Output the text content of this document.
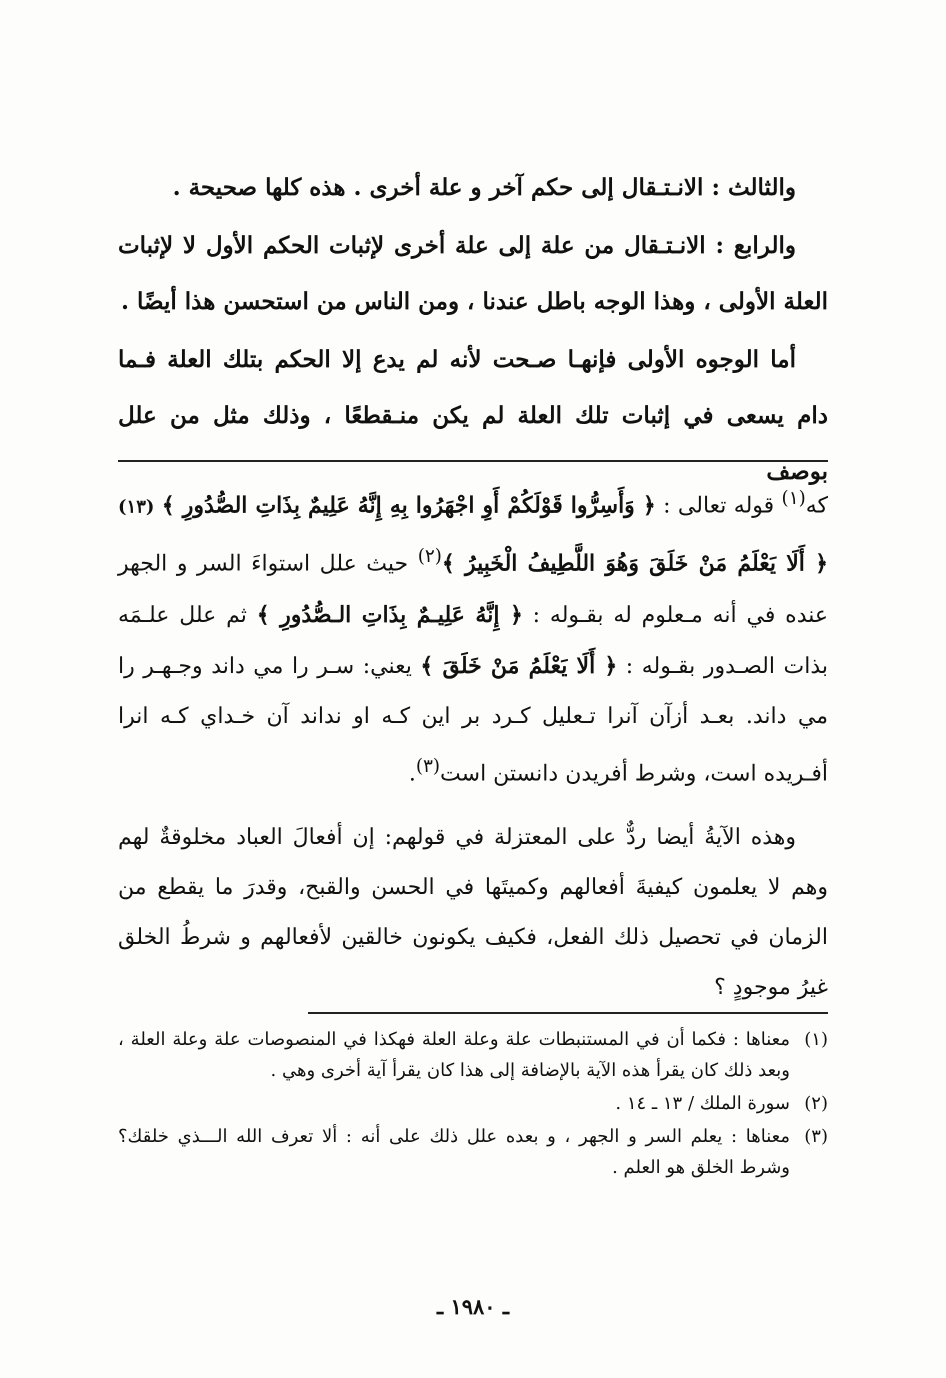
والثالث : الانـتـقال إلى حكم آخر و علة أخرى . هذه كلها صحيحة .

والرابع : الانـتـقال من علة إلى علة أخرى لإثبات الحكم الأول لا لإثبات العلة الأولى ، وهذا الوجه باطل عندنا ، ومن الناس من استحسن هذا أيضًا .

أما الوجوه الأولى فإنهـا صـحت لأنه لم يدع إلا الحكم بتلك العلة فـما دام يسعى في إثبات تلك العلة لم يكن منـقطعًا ، وذلك مثل من علل بوصف

كه$^{(١)}$ قوله تعالى : ﴿ وَأَسِرُّوا قَوْلَكُمْ أَوِ اجْهَرُوا بِهِ إِنَّهُ عَلِيمٌ بِذَاتِ الصُّدُورِ ﴾ (١٣) ﴿ أَلَا يَعْلَمُ مَنْ خَلَقَ وَهُوَ اللَّطِيفُ الْخَبِيرُ ﴾$^{(٢)}$ حيث علل استواءَ السر و الجهر عنده في أنه مـعلوم له بقـوله : ﴿ إِنَّهُ عَلِيـمٌ بِذَاتِ الـصُّدُورِ ﴾ ثم علل علـمَه بذات الصـدور بقـوله : ﴿ أَلَا يَعْلَمُ مَنْ خَلَقَ ﴾ يعني: سـر را مي داند وجـهـر را مي داند. بعـد أزآن آنرا تـعليل كـرد بر اين كـه او نداند آن خـداي كـه انرا أفـريده است، وشرط أفريدن دانستن است$^{(٣)}$.

وهذه الآيةُ أيضا ردٌّ على المعتزلة في قولهم: إن أفعالَ العباد مخلوقةٌ لهم وهم لا يعلمون كيفيةَ أفعالهم وكميتَها في الحسن والقبح، وقدرَ ما يقطع من الزمان في تحصيل ذلك الفعل، فكيف يكونون خالقين لأفعالهم و شرطُ الخلق غيرُ موجودٍ ؟

(١)
معناها : فكما أن في المستنبطات علة وعلة العلة فهكذا في المنصوصات علة وعلة العلة ، وبعد ذلك كان يقرأ هذه الآية بالإضافة إلى هذا كان يقرأ آية أخرى وهي .
(٢)
سورة الملك / ١٣ ـ ١٤ .
(٣)
معناها : يعلم السر و الجهر ، و بعده علل ذلك على أنه : ألا تعرف الله الـــذي خلقك؟ وشرط الخلق هو العلم .
ـ ١٩٨٠ ـ
